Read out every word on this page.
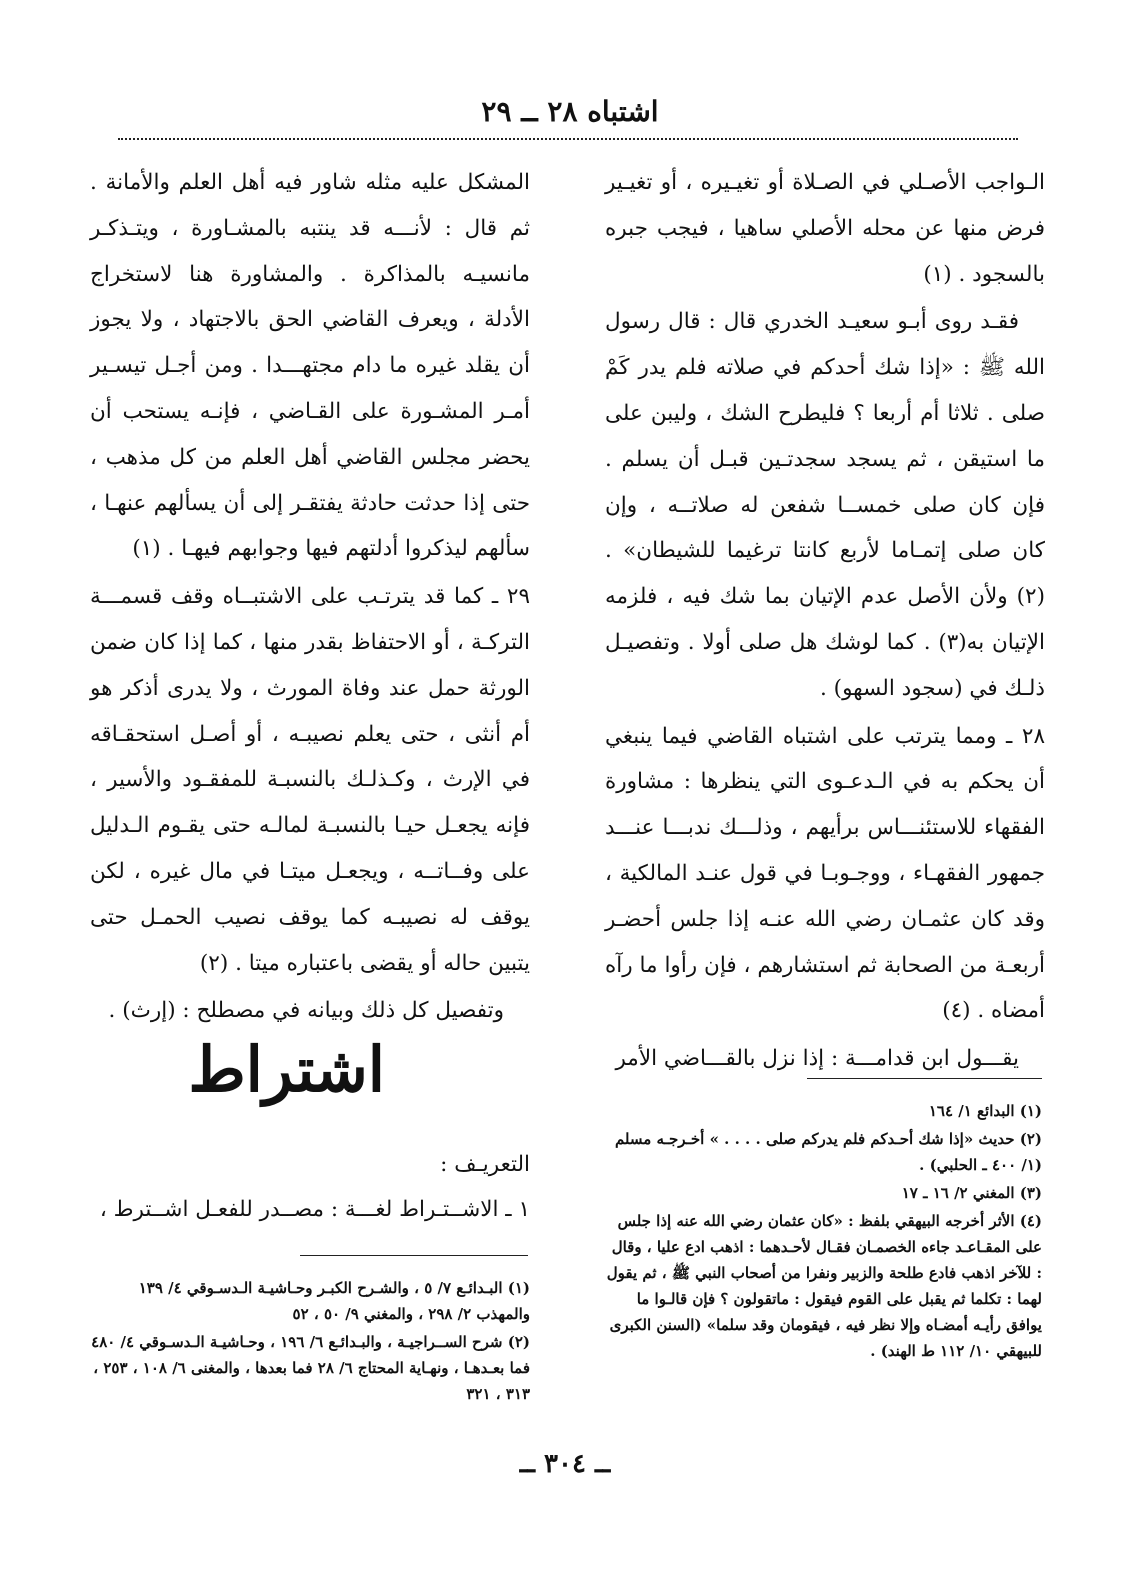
اشتباه ٢٨ ــ ٢٩

الـواجب الأصـلي في الصـلاة أو تغيـيره ، أو تغيـير فرض منها عن محله الأصلي ساهيا ، فيجب جبره بالسجود . (١)

فقـد روى أبـو سعيـد الخدري قال : قال رسول الله ﷺ : «إذا شك أحدكم في صلاته فلم يدر كَمْ صلى . ثلاثا أم أربعا ؟ فليطرح الشك ، وليبن على ما استيقن ، ثم يسجد سجدتـين قبـل أن يسلم . فإن كان صلى خمســا شفعن له صلاتــه ، وإن كان صلى إتمـاما لأربع كانتا ترغيما للشيطان» . (٢) ولأن الأصل عدم الإتيان بما شك فيه ، فلزمه الإتيان به(٣) . كما لوشك هل صلى أولا . وتفصيـل ذلـك في (سجود السهو) .

٢٨ ـ ومما يترتب على اشتباه القاضي فيما ينبغي أن يحكم به في الـدعـوى التي ينظرها : مشاورة الفقهاء للاستئنـــاس برأيهم ، وذلـــك ندبـــا عنـــد جمهور الفقهـاء ، ووجـوبـا في قول عنـد المالكية ، وقد كان عثمـان رضي الله عنـه إذا جلس أحضـر أربعـة من الصحابة ثم استشارهم ، فإن رأوا ما رآه أمضاه . (٤)

يقـــول ابن قدامـــة : إذا نزل بالقـــاضي الأمر

المشكل عليه مثله شاور فيه أهل العلم والأمانة . ثم قال : لأنـــه قد ينتبه بالمشـاورة ، ويتـذكـر مانسيـه بالمذاكرة . والمشاورة هنا لاستخراج الأدلة ، ويعرف القاضي الحق بالاجتهاد ، ولا يجوز أن يقلد غيره ما دام مجتهـــدا . ومن أجـل تيسـير أمـر المشـورة على القـاضي ، فإنـه يستحب أن يحضر مجلس القاضي أهل العلم من كل مذهب ، حتى إذا حدثت حادثة يفتقـر إلى أن يسألهم عنهـا ، سألهم ليذكروا أدلتهم فيها وجوابهم فيهـا . (١)

٢٩ ـ كما قد يترتـب على الاشتبــاه وقف قسمـــة التركـة ، أو الاحتفاظ بقدر منها ، كما إذا كان ضمن الورثة حمل عند وفاة المورث ، ولا يدرى أذكر هو أم أنثى ، حتى يعلم نصيبـه ، أو أصـل استحقـاقه في الإرث ، وكـذلـك بالنسبـة للمفقـود والأسير ، فإنه يجعـل حيـا بالنسبـة لمالـه حتى يقـوم الـدليل على وفــاتــه ، ويجعـل ميتـا في مال غيره ، لكن يوقف له نصيبـه كما يوقف نصيب الحمـل حتى يتبين حاله أو يقضى باعتباره ميتا . (٢)

وتفصيل كل ذلك وبيانه في مصطلح : (إرث) .

اشتراط
التعريـف :
١ ـ الاشــتـراط لغـــة : مصــدر للفعـل اشــترط ،
(١) البدائع ١/ ١٦٤
(٢) حديث «إذا شك أحـدكم فلم يدركم صلى . . . . » أخـرجـه مسلم (١/ ٤٠٠ ـ الحلبي) .
(٣) المغني ٢/ ١٦ ـ ١٧
(٤) الأثر أخرجه البيهقي بلفظ : «كان عثمان رضي الله عنه إذا جلس على المقـاعـد جاءه الخصمـان فقـال لأحـدهما : اذهب ادع عليا ، وقال : للآخر اذهب فادع طلحة والزبير ونفرا من أصحاب النبي ﷺ ، ثم يقول لهما : تكلما ثم يقبل على القوم فيقول : ماتقولون ؟ فإن قالـوا ما يوافق رأيـه أمضـاه وإلا نظر فيه ، فيقومان وقد سلما» (السنن الكبرى للبيهقي ١٠/ ١١٢ ط الهند) .
(١) البـدائـع ٧/ ٥ ، والشـرح الكبـر وحـاشيـة الـدسـوقي ٤/ ١٣٩ والمهذب ٢/ ٢٩٨ ، والمغني ٩/ ٥٠ ، ٥٢
(٢) شرح الســراجيـة ، والبـدائـع ٦/ ١٩٦ ، وحـاشيـة الـدسـوقي ٤/ ٤٨٠ فما بعـدهـا ، ونهـاية المحتاج ٦/ ٢٨ فما بعدها ، والمغنى ٦/ ١٠٨ ، ٢٥٣ ، ٣١٣ ، ٣٢١
ــ ٣٠٤ ــ
